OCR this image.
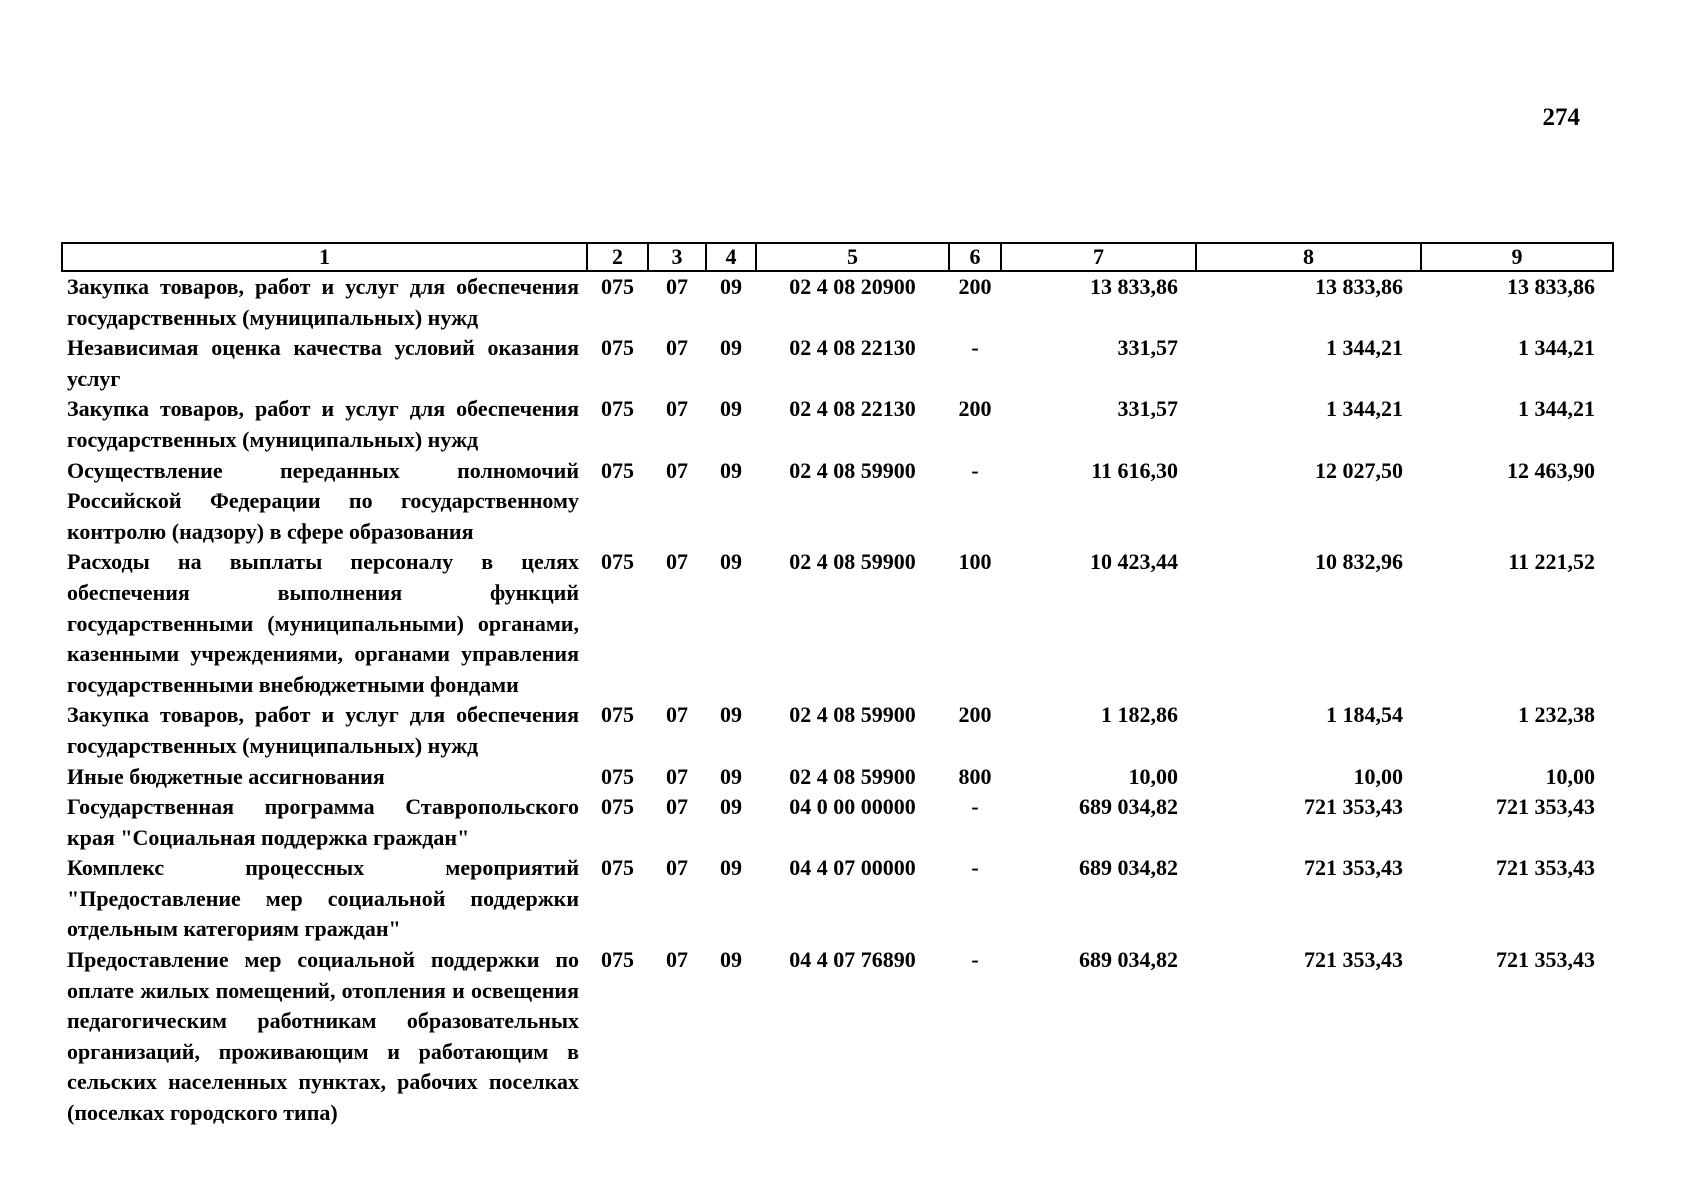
274
1	2	3	4	5	6	7	8	9
Закупка товаров, работ и услуг для обеспечения государственных (муниципальных) нужд	075	07	09	02 4 08 20900	200	13 833,86	13 833,86	13 833,86
Независимая оценка качества условий оказания услуг	075	07	09	02 4 08 22130	-	331,57	1 344,21	1 344,21
Закупка товаров, работ и услуг для обеспечения государственных (муниципальных) нужд	075	07	09	02 4 08 22130	200	331,57	1 344,21	1 344,21
Осуществление переданных полномочий Российской Федерации по государственному контролю (надзору) в сфере образования	075	07	09	02 4 08 59900	-	11 616,30	12 027,50	12 463,90
Расходы на выплаты персоналу в целях обеспечения выполнения функций государственными (муниципальными) органами, казенными учреждениями, органами управления государственными внебюджетными фондами	075	07	09	02 4 08 59900	100	10 423,44	10 832,96	11 221,52
Закупка товаров, работ и услуг для обеспечения государственных (муниципальных) нужд	075	07	09	02 4 08 59900	200	1 182,86	1 184,54	1 232,38
Иные бюджетные ассигнования	075	07	09	02 4 08 59900	800	10,00	10,00	10,00
Государственная программа Ставропольского края "Социальная поддержка граждан"	075	07	09	04 0 00 00000	-	689 034,82	721 353,43	721 353,43
Комплекс процессных мероприятий "Предоставление мер социальной поддержки отдельным категориям граждан"	075	07	09	04 4 07 00000	-	689 034,82	721 353,43	721 353,43
Предоставление мер социальной поддержки по оплате жилых помещений, отопления и освещения педагогическим работникам образовательных организаций, проживающим и работающим в сельских населенных пунктах, рабочих поселках (поселках городского типа)	075	07	09	04 4 07 76890	-	689 034,82	721 353,43	721 353,43
